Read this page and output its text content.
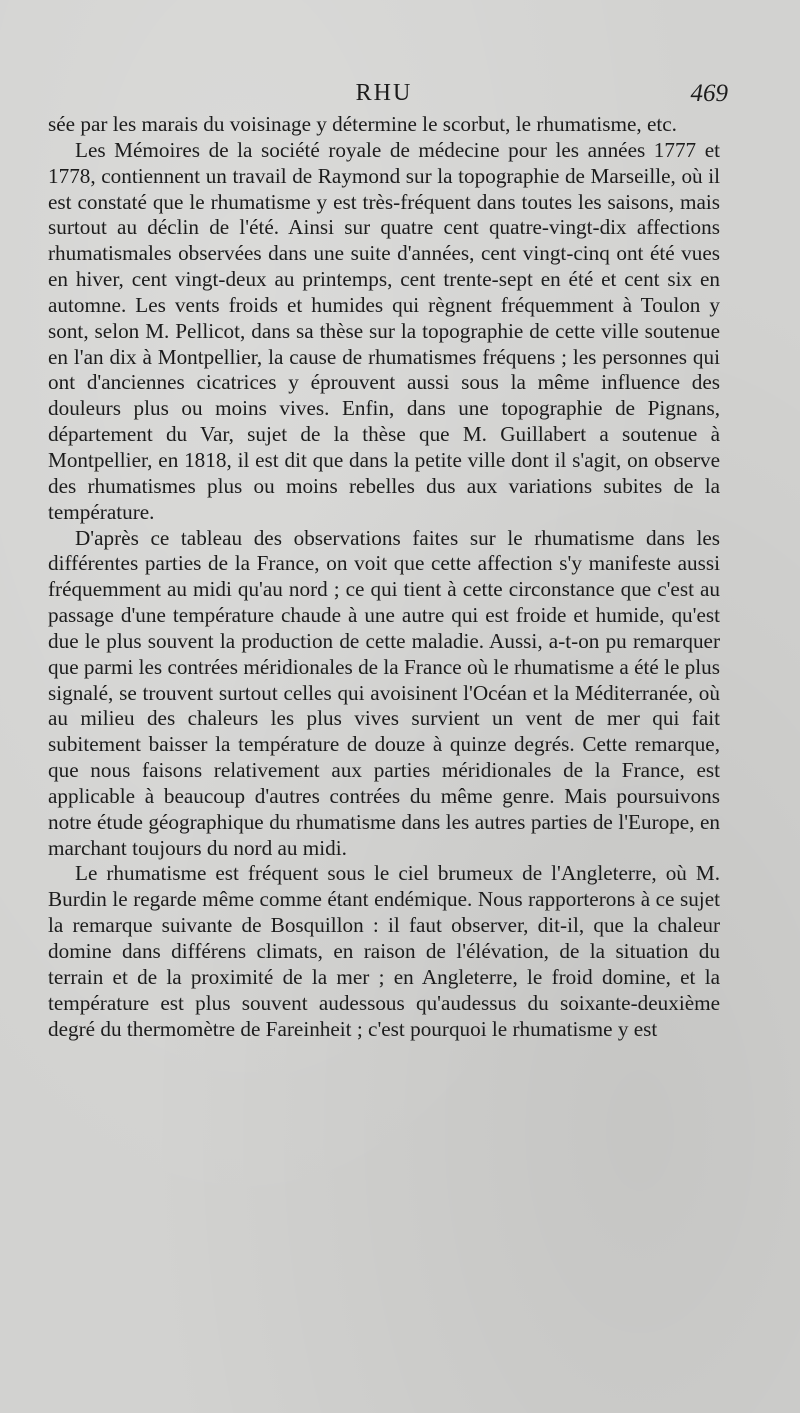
RHU	469

sée par les marais du voisinage y détermine le scorbut, le rhumatisme, etc.

Les Mémoires de la société royale de médecine pour les années 1777 et 1778, contiennent un travail de Raymond sur la topographie de Marseille, où il est constaté que le rhumatisme y est très-fréquent dans toutes les saisons, mais surtout au déclin de l'été. Ainsi sur quatre cent quatre-vingt-dix affections rhumatismales observées dans une suite d'années, cent vingt-cinq ont été vues en hiver, cent vingt-deux au printemps, cent trente-sept en été et cent six en automne. Les vents froids et humides qui règnent fréquemment à Toulon y sont, selon M. Pellicot, dans sa thèse sur la topographie de cette ville soutenue en l'an dix à Montpellier, la cause de rhumatismes fréquens ; les personnes qui ont d'anciennes cicatrices y éprouvent aussi sous la même influence des douleurs plus ou moins vives. Enfin, dans une topographie de Pignans, département du Var, sujet de la thèse que M. Guillabert a soutenue à Montpellier, en 1818, il est dit que dans la petite ville dont il s'agit, on observe des rhumatismes plus ou moins rebelles dus aux variations subites de la température.

D'après ce tableau des observations faites sur le rhumatisme dans les différentes parties de la France, on voit que cette affection s'y manifeste aussi fréquemment au midi qu'au nord ; ce qui tient à cette circonstance que c'est au passage d'une température chaude à une autre qui est froide et humide, qu'est due le plus souvent la production de cette maladie. Aussi, a-t-on pu remarquer que parmi les contrées méridionales de la France où le rhumatisme a été le plus signalé, se trouvent surtout celles qui avoisinent l'Océan et la Méditerranée, où au milieu des chaleurs les plus vives survient un vent de mer qui fait subitement baisser la température de douze à quinze degrés. Cette remarque, que nous faisons relativement aux parties méridionales de la France, est applicable à beaucoup d'autres contrées du même genre. Mais poursuivons notre étude géographique du rhumatisme dans les autres parties de l'Europe, en marchant toujours du nord au midi.

Le rhumatisme est fréquent sous le ciel brumeux de l'Angleterre, où M. Burdin le regarde même comme étant endémique. Nous rapporterons à ce sujet la remarque suivante de Bosquillon : il faut observer, dit-il, que la chaleur domine dans différens climats, en raison de l'élévation, de la situation du terrain et de la proximité de la mer ; en Angleterre, le froid domine, et la température est plus souvent audessous qu'audessus du soixante-deuxième degré du thermomètre de Fareinheit ; c'est pourquoi le rhumatisme y est
